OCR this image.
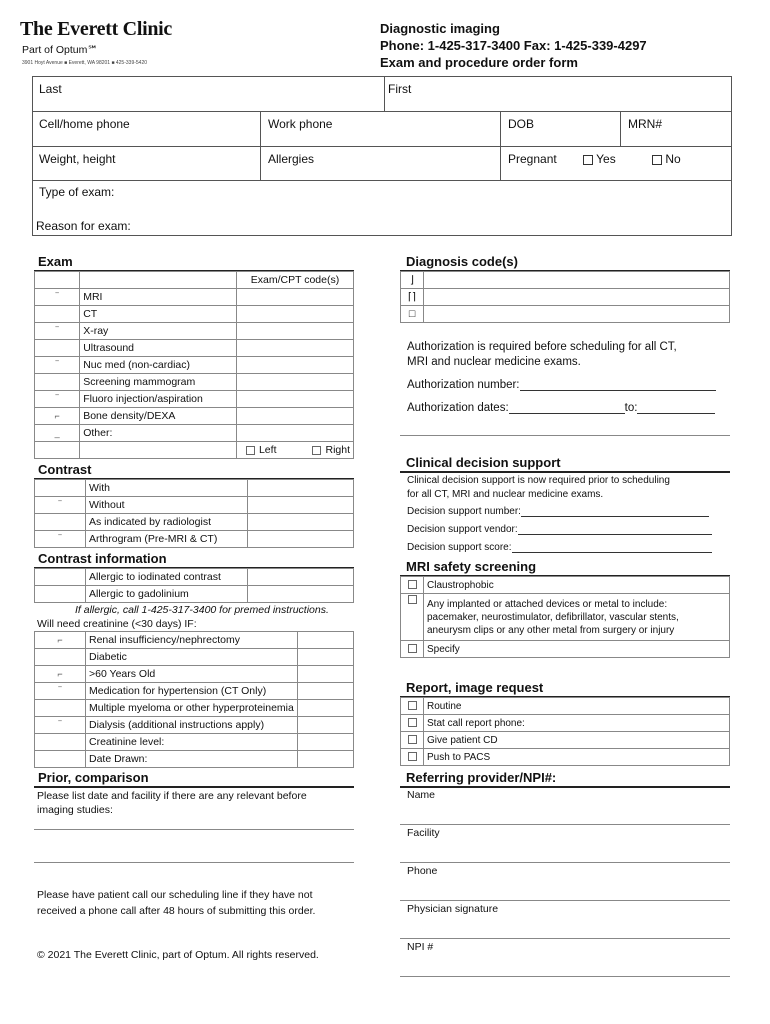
The Everett Clinic
Part of Optum℠
3901 Hoyt Avenue ■ Everett, WA 98201 ■ 425-339-5420
Diagnostic imaging
Phone: 1-425-317-3400 Fax: 1-425-339-4297
Exam and procedure order form
Last	First
Cell/home phone	Work phone	DOB	MRN#
Weight, height	Allergies	Pregnant	Yes	No
Type of exam:
Reason for exam:
Exam
		Exam/CPT code(s)
‾	MRI	
	CT	
‾	X-ray	
	Ultrasound	
‾	Nuc med (non-cardiac)	
	Screening mammogram	
‾	Fluoro injection/aspiration	
⌐	Bone density/DEXA	
_	Other:	
		Left Right
Contrast
	With	
‾	Without	
	As indicated by radiologist	
‾	Arthrogram (Pre-MRI & CT)	
Contrast information
	Allergic to iodinated contrast	
	Allergic to gadolinium	
If allergic, call 1-425-317-3400 for premed instructions.
Will need creatinine (<30 days) IF:
⌐	Renal insufficiency/nephrectomy	
	Diabetic	
⌐	>60 Years Old	
‾	Medication for hypertension (CT Only)	
	Multiple myeloma or other hyperproteinemia	
‾	Dialysis (additional instructions apply)	
	Creatinine level:	
	Date Drawn:	
Prior, comparison
Please list date and facility if there are any relevant before
imaging studies:
Please have patient call our scheduling line if they have not
received a phone call after 48 hours of submitting this order.
© 2021 The Everett Clinic, part of Optum. All rights reserved.
Diagnosis code(s)
⌋	
⌈⌉	
□	
Authorization is required before scheduling for all CT,
MRI and nuclear medicine exams.
Authorization number:
Authorization dates:	to:
Clinical decision support
Clinical decision support is now required prior to scheduling
for all CT, MRI and nuclear medicine exams.
Decision support number:
Decision support vendor:
Decision support score:
MRI safety screening
	Claustrophobic

	Any implanted or attached devices or metal to include:
pacemaker, neurostimulator, defibrillator, vascular stents,
aneurysm clips or any other metal from surgery or injury

	Specify
Report, image request
	Routine
	Stat call report phone:
	Give patient CD
	Push to PACS
Referring provider/NPI#:
Name
Facility
Phone
Physician signature
NPI #
